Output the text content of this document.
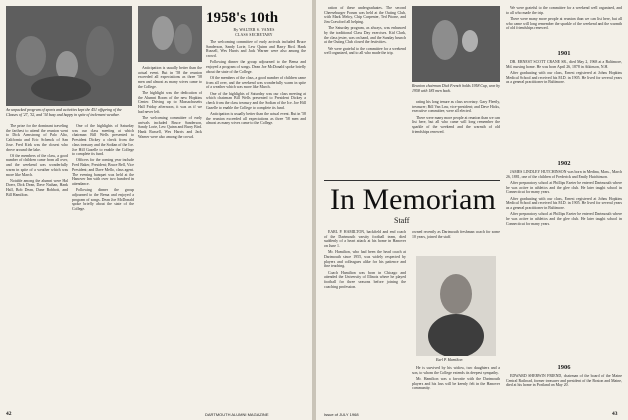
An unpacked program of sports and activities kept the 451 offspring of the Classes of '27, '32, and '34 busy and happy in spite of inclement weather.
1958's 10th
By WALTER S. VANES
CLASS SECRETARY

The prize for the dominant traveling the farthest to attend the reunion went to Dick Armstrong of Palo Alto, California and Eric Schenck of San Jose. Fred Kirk was the closest who drove around the lake.

Of the members of the class, a good number of children came from all over, and the weekend was wonderfully warm in spite of a weather which was more like March.

Notable among the alumni were Hal Doerr, Dick Dean, Dave Nathan, Hank Hall, Bob Dean, Dane Bobbott, and Bill Hamilton.

One of the highlights of Saturday was our class meeting at which chairman Bill Wells presented to President Dickey a check from the class treasury and the Sodian of the Ice. Joe Hill Gazelle to enable the College to complete its fund.

Officers for the coming year include Fred Baker, President; Bruce Bell, Vice President; and Dave Mello, class agent. The evening banquet was held at the Hanover Inn with over two hundred in attendance.

Following dinner the group adjourned to the Bema and enjoyed a program of songs. Dean Joe McDonald spoke briefly about the state of the College.

Anticipation is usually better than the actual event. But in '58 the reunion exceeded all expectations as three '58 men and almost as many wives came to the College.

The highlight was the dedication of the Alumni Room of the new Hopkins Center. Driving up to Massachusetts Hall Friday afternoon, it was as if we had never left.

The welcoming committee of early arrivals included Bruce Sanderson, Sandy Lorie, Lew Quinn and Barry Bird. Hank Russell, Wes Harris and Jack Warner were also among the crowd.

The welcoming committee of early arrivals included Bruce Sanderson, Sandy Lorie, Lew Quinn and Barry Bird. Hank Russell, Wes Harris and Jack Warner were also among the crowd.

Following dinner the group adjourned to the Bema and enjoyed a program of songs. Dean Joe McDonald spoke briefly about the state of the College.

Of the members of the class, a good number of children came from all over, and the weekend was wonderfully warm in spite of a weather which was more like March.

One of the highlights of Saturday was our class meeting at which chairman Bill Wells presented to President Dickey a check from the class treasury and the Sodian of the Ice. Joe Hill Gazelle to enable the College to complete its fund.

Anticipation is usually better than the actual event. But in '58 the reunion exceeded all expectations as three '58 men and almost as many wives came to the College.

42	DARTMOUTH ALUMNI MAGAZINE

ration of these undergraduates. The second Cheeseburger Forum was held at the Outing Club, with Mark Meloy, Chip Carpenter, Ted Pitone, and Jim Crawford all helping.

The Saturday program, as always, was enhanced by the traditional Class Day exercises. Kid Clark, the class jester, was on hand, and the Sunday brunch at the Outing Club closed the festivities.

We were grateful to the committee for a weekend well organized, and to all who made the trip.

Reunion chairman Dick French holds 1958 Cup, won by 1958 with 185 men back.

rating his long tenure as class secretary. Gary Fleetly, treasurer; Bill Van Law, vice-president; and Dave Hicks, executive committee, were all elected.

There were many more people at reunion than we can list here, but all who came will long remember the sparkle of the weekend and the warmth of old friendships renewed.

In Memoriam
Staff

EARL P. HAMILTON, backfield and end coach of the Dartmouth varsity football team, died suddenly of a heart attack at his home in Hanover on June 1.

Mr. Hamilton, who had been the head coach at Dartmouth since 1955, was widely respected by players and colleagues alike for his patience and fine teaching.

Coach Hamilton was born in Chicago and attended the University of Illinois where he played football for three seasons before joining the coaching profession.

owned recently as Dartmouth freshman coach for some 10 years, joined the staff.
Earl P. Hamilton

He is survived by his widow, two daughters and a son, to whom the College extends its deepest sympathy.

Mr. Hamilton was a favorite with the Dartmouth players and his loss will be keenly felt in the Hanover community.

We were grateful to the committee for a weekend well organized, and to all who made the trip.

There were many more people at reunion than we can list here, but all who came will long remember the sparkle of the weekend and the warmth of old friendships renewed.

1901

DR. ERNEST SCOTT CRANE SR., died May 2, 1968 at a Baltimore, Md. nursing home. He was born April 26, 1878 in Atkinson, N.H.

After graduating with our class, Ernest registered at Johns Hopkins Medical School and received his M.D. in 1905. He lived for several years as a general practitioner in Baltimore.

1902

JAMES LINDLEY HUTCHINSON was born in Medina, Mass., March 26, 1881, one of the children of Frederick and Emily Hutchinson.

After preparatory school at Phillips Exeter he entered Dartmouth where he was active in athletics and the glee club. He later taught school in Connecticut for many years.

After graduating with our class, Ernest registered at Johns Hopkins Medical School and received his M.D. in 1905. He lived for several years as a general practitioner in Baltimore.

After preparatory school at Phillips Exeter he entered Dartmouth where he was active in athletics and the glee club. He later taught school in Connecticut for many years.

1906

EDWARD SHERWIN FRIEND, chairman of the board of the Maine Central Railroad, former treasurer and president of the Boston and Maine, died at his home in Portland on May 20.

Issue of JULY 1968	43
